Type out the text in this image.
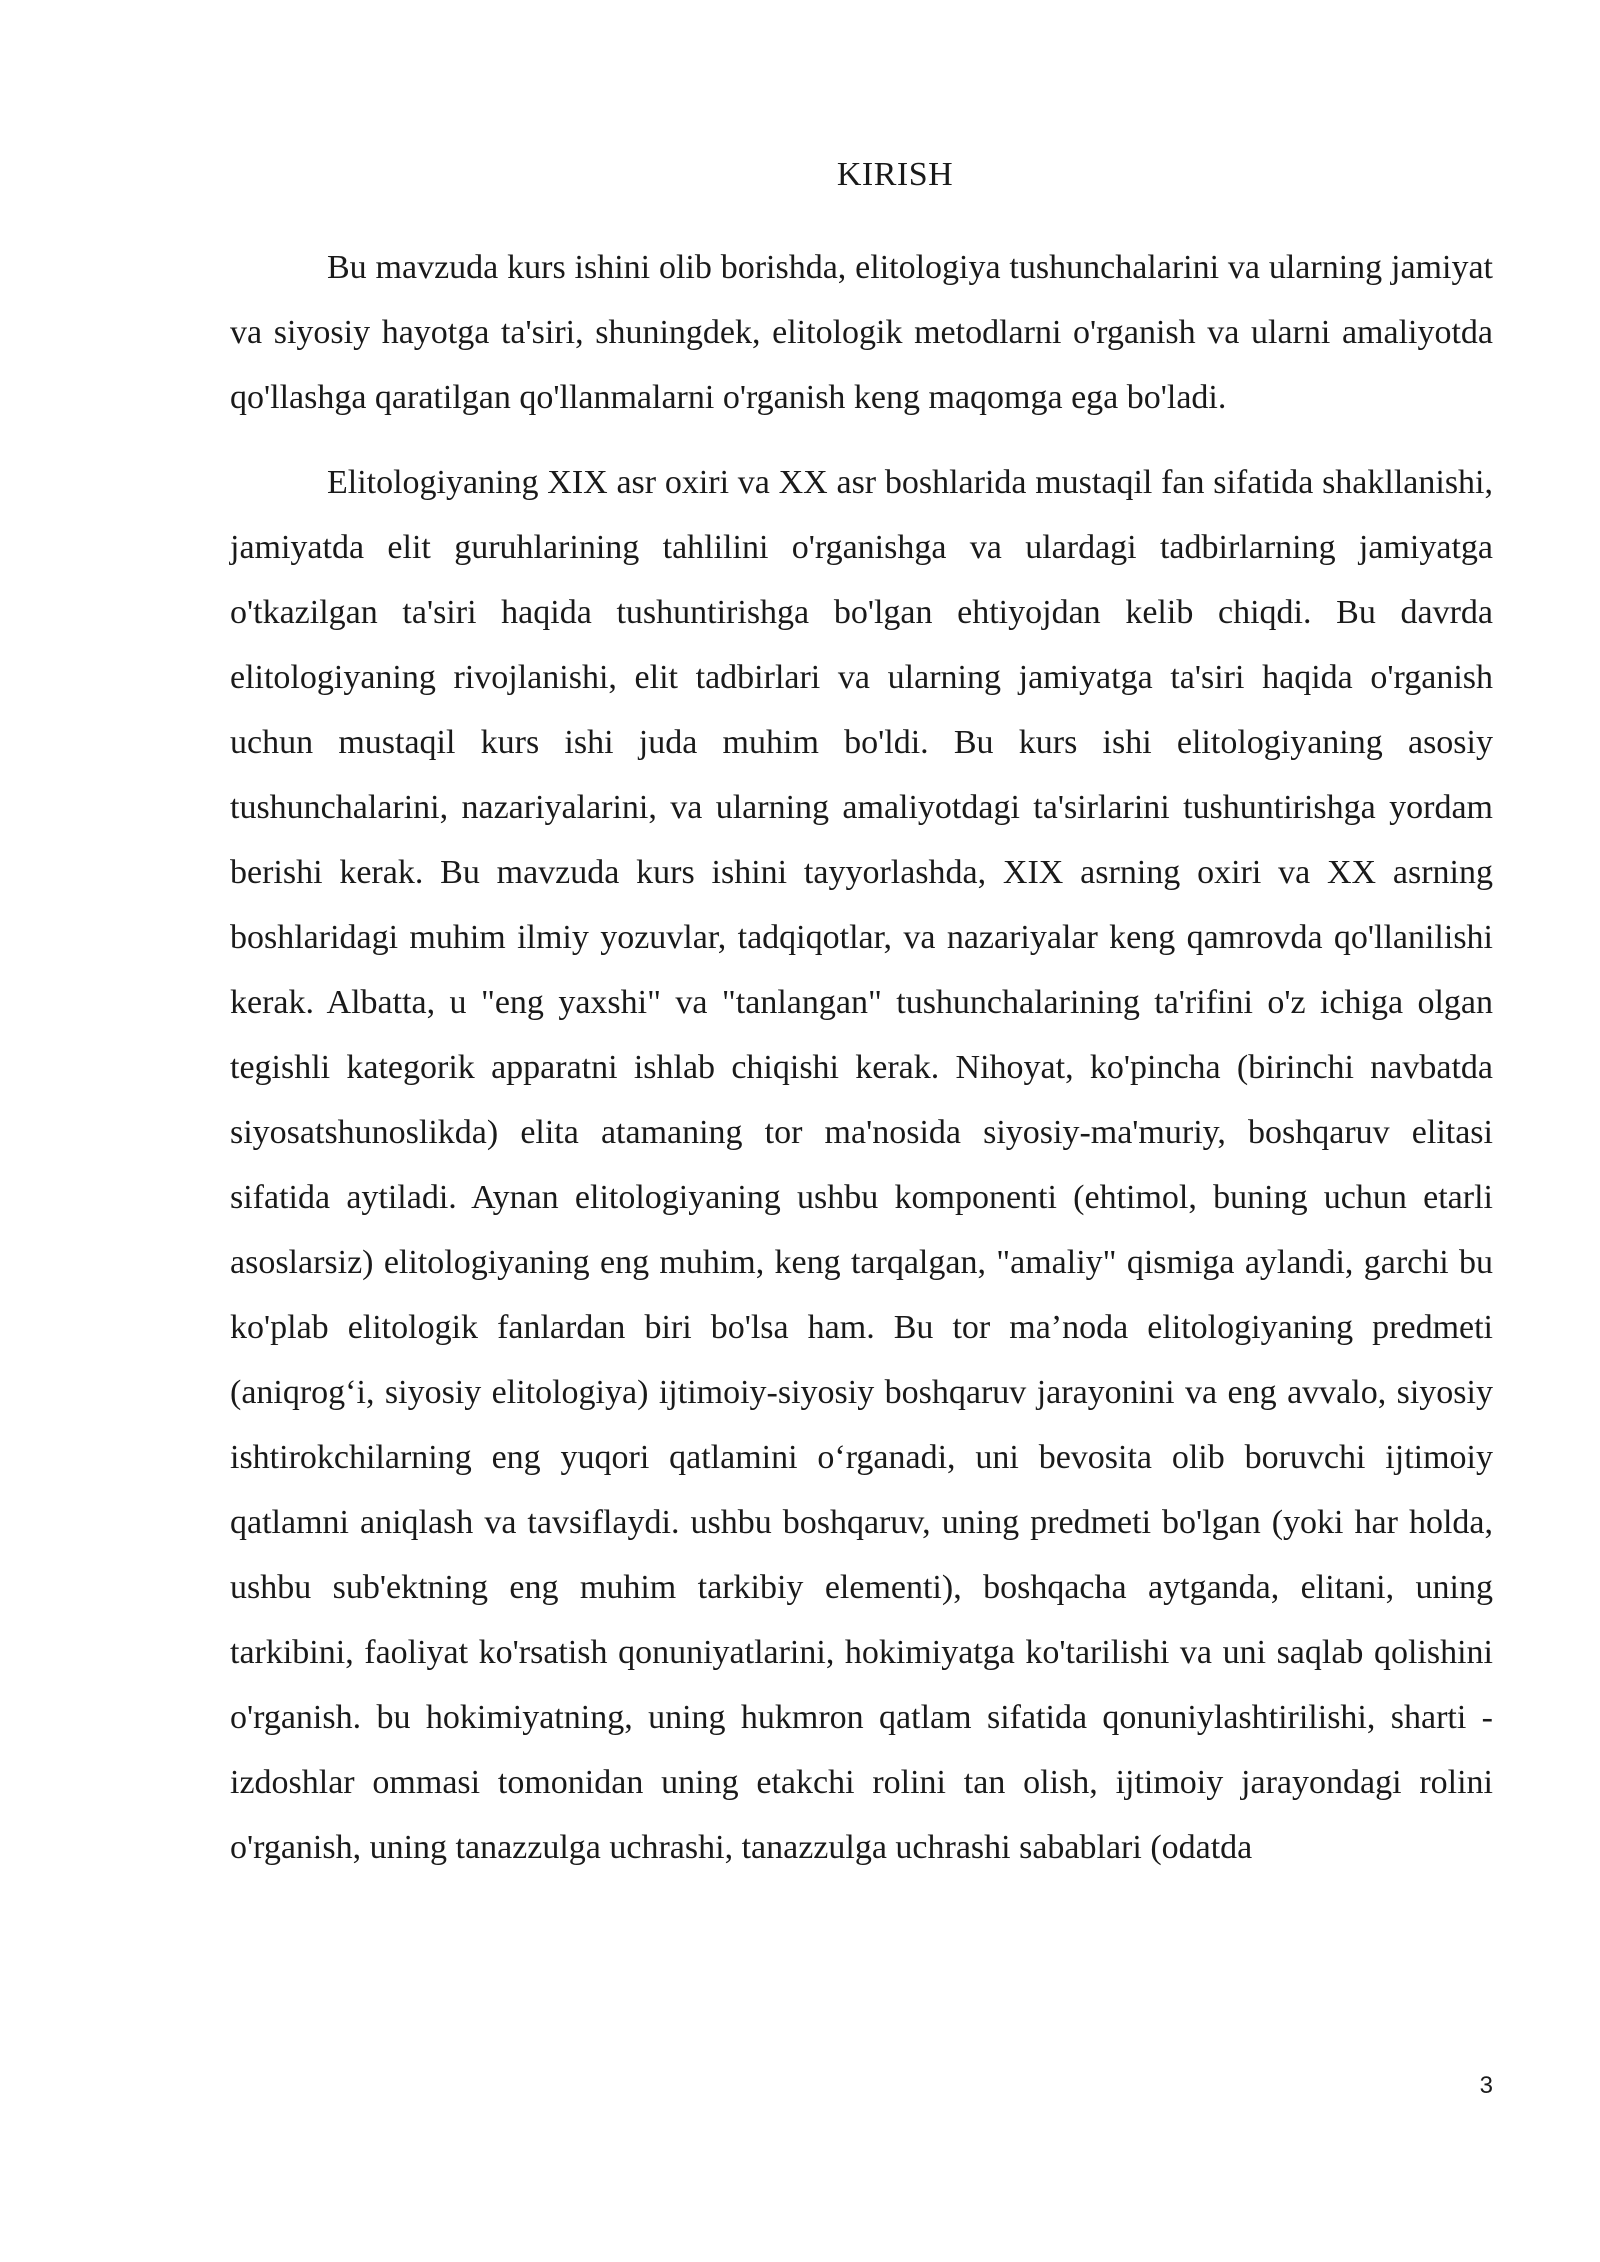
KIRISH

Bu mavzuda kurs ishini olib borishda, elitologiya tushunchalarini va ularning jamiyat va siyosiy hayotga ta'siri, shuningdek, elitologik metodlarni o'rganish va ularni amaliyotda qo'llashga qaratilgan qo'llanmalarni o'rganish keng maqomga ega bo'ladi.

Elitologiyaning XIX asr oxiri va XX asr boshlarida mustaqil fan sifatida shakllanishi, jamiyatda elit guruhlarining tahlilini o'rganishga va ulardagi tadbirlarning jamiyatga o'tkazilgan ta'siri haqida tushuntirishga bo'lgan ehtiyojdan kelib chiqdi. Bu davrda elitologiyaning rivojlanishi, elit tadbirlari va ularning jamiyatga ta'siri haqida o'rganish uchun mustaqil kurs ishi juda muhim bo'ldi. Bu kurs ishi elitologiyaning asosiy tushunchalarini, nazariyalarini, va ularning amaliyotdagi ta'sirlarini tushuntirishga yordam berishi kerak. Bu mavzuda kurs ishini tayyorlashda, XIX asrning oxiri va XX asrning boshlaridagi muhim ilmiy yozuvlar, tadqiqotlar, va nazariyalar keng qamrovda qo'llanilishi kerak. Albatta, u "eng yaxshi" va "tanlangan" tushunchalarining ta'rifini o'z ichiga olgan tegishli kategorik apparatni ishlab chiqishi kerak. Nihoyat, ko'pincha (birinchi navbatda siyosatshunoslikda) elita atamaning tor ma'nosida siyosiy-ma'muriy, boshqaruv elitasi sifatida aytiladi. Aynan elitologiyaning ushbu komponenti (ehtimol, buning uchun etarli asoslarsiz) elitologiyaning eng muhim, keng tarqalgan, "amaliy" qismiga aylandi, garchi bu ko'plab elitologik fanlardan biri bo'lsa ham. Bu tor ma’noda elitologiyaning predmeti (aniqrog‘i, siyosiy elitologiya) ijtimoiy-siyosiy boshqaruv jarayonini va eng avvalo, siyosiy ishtirokchilarning eng yuqori qatlamini o‘rganadi, uni bevosita olib boruvchi ijtimoiy qatlamni aniqlash va tavsiflaydi. ushbu boshqaruv, uning predmeti bo'lgan (yoki har holda, ushbu sub'ektning eng muhim tarkibiy elementi), boshqacha aytganda, elitani, uning tarkibini, faoliyat ko'rsatish qonuniyatlarini, hokimiyatga ko'tarilishi va uni saqlab qolishini o'rganish. bu hokimiyatning, uning hukmron qatlam sifatida qonuniylashtirilishi, sharti - izdoshlar ommasi tomonidan uning etakchi rolini tan olish, ijtimoiy jarayondagi rolini o'rganish, uning tanazzulga uchrashi, tanazzulga uchrashi sabablari (odatda

3
